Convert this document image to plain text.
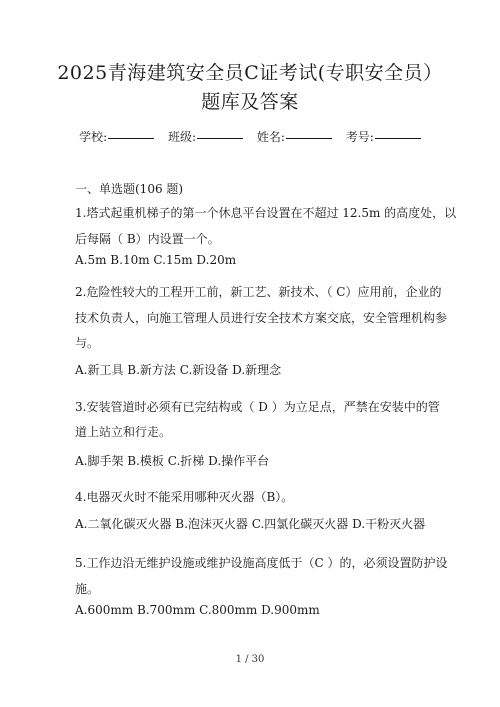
2025青海建筑安全员C证考试(专职安全员）
题库及答案
学校:	班级:	姓名:	考号:
一、单选题(106 题)
1.塔式起重机梯子的第一个休息平台设置在不超过 12.5m 的高度处，以
后每隔（ B）内设置一个。
A.5m B.10m C.15m D.20m
2.危险性较大的工程开工前，新工艺、新技术、（ C）应用前，企业的
技术负责人，向施工管理人员进行安全技术方案交底，安全管理机构参
与。
A.新工具 B.新方法 C.新设备 D.新理念
3.安装管道时必须有已完结构或（ D ）为立足点，严禁在安装中的管
道上站立和行走。
A.脚手架 B.模板 C.折梯 D.操作平台
4.电器灭火时不能采用哪种灭火器（B）。
A.二氧化碳灭火器 B.泡沫灭火器 C.四氯化碳灭火器 D.干粉灭火器
5.工作边沿无维护设施或维护设施高度低于（C ）的，必须设置防护设
施。
A.600mm B.700mm C.800mm D.900mm
1 / 30
